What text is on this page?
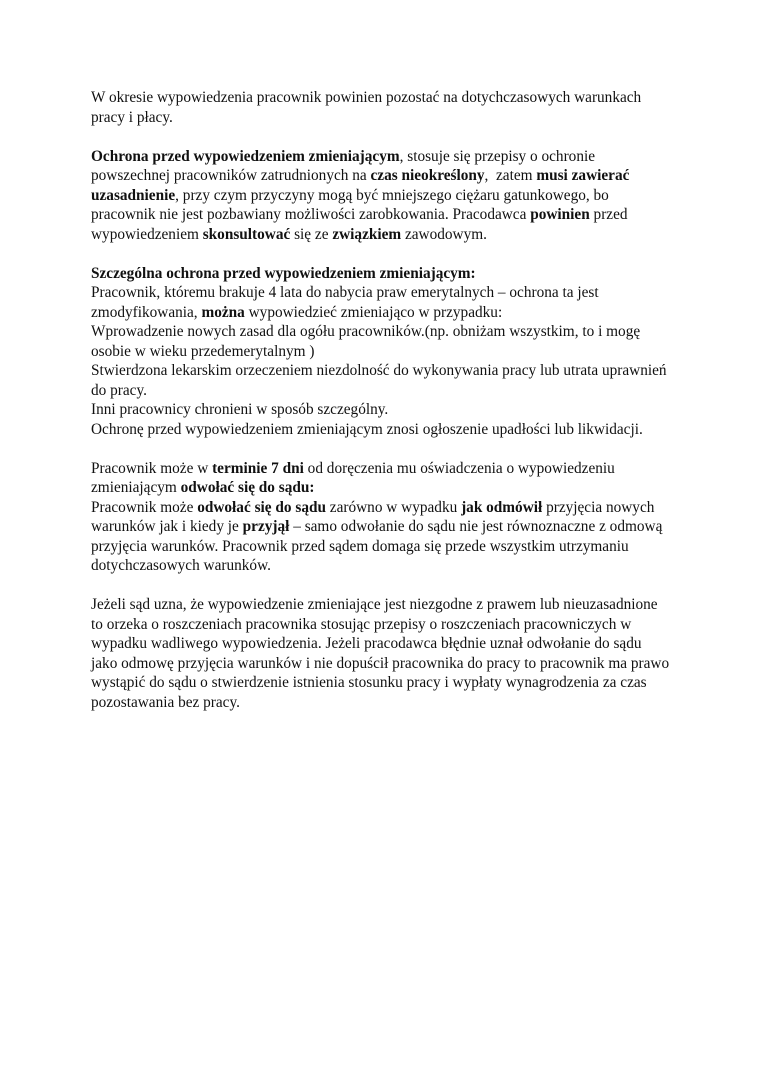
W okresie wypowiedzenia pracownik powinien pozostać na dotychczasowych warunkach
pracy i płacy.

Ochrona przed wypowiedzeniem zmieniającym, stosuje się przepisy o ochronie
powszechnej pracowników zatrudnionych na czas nieokreślony,  zatem musi zawierać
uzasadnienie, przy czym przyczyny mogą być mniejszego ciężaru gatunkowego, bo
pracownik nie jest pozbawiany możliwości zarobkowania. Pracodawca powinien przed
wypowiedzeniem skonsultować się ze związkiem zawodowym.

Szczególna ochrona przed wypowiedzeniem zmieniającym:
Pracownik, któremu brakuje 4 lata do nabycia praw emerytalnych – ochrona ta jest
zmodyfikowania, można wypowiedzieć zmieniająco w przypadku:
Wprowadzenie nowych zasad dla ogółu pracowników.(np. obniżam wszystkim, to i mogę
osobie w wieku przedemerytalnym )
Stwierdzona lekarskim orzeczeniem niezdolność do wykonywania pracy lub utrata uprawnień
do pracy.
Inni pracownicy chronieni w sposób szczególny.
Ochronę przed wypowiedzeniem zmieniającym znosi ogłoszenie upadłości lub likwidacji.

Pracownik może w terminie 7 dni od doręczenia mu oświadczenia o wypowiedzeniu
zmieniającym odwołać się do sądu:
Pracownik może odwołać się do sądu zarówno w wypadku jak odmówił przyjęcia nowych
warunków jak i kiedy je przyjął – samo odwołanie do sądu nie jest równoznaczne z odmową
przyjęcia warunków. Pracownik przed sądem domaga się przede wszystkim utrzymaniu
dotychczasowych warunków.

Jeżeli sąd uzna, że wypowiedzenie zmieniające jest niezgodne z prawem lub nieuzasadnione
to orzeka o roszczeniach pracownika stosując przepisy o roszczeniach pracowniczych w
wypadku wadliwego wypowiedzenia. Jeżeli pracodawca błędnie uznał odwołanie do sądu
jako odmowę przyjęcia warunków i nie dopuścił pracownika do pracy to pracownik ma prawo
wystąpić do sądu o stwierdzenie istnienia stosunku pracy i wypłaty wynagrodzenia za czas
pozostawania bez pracy.
